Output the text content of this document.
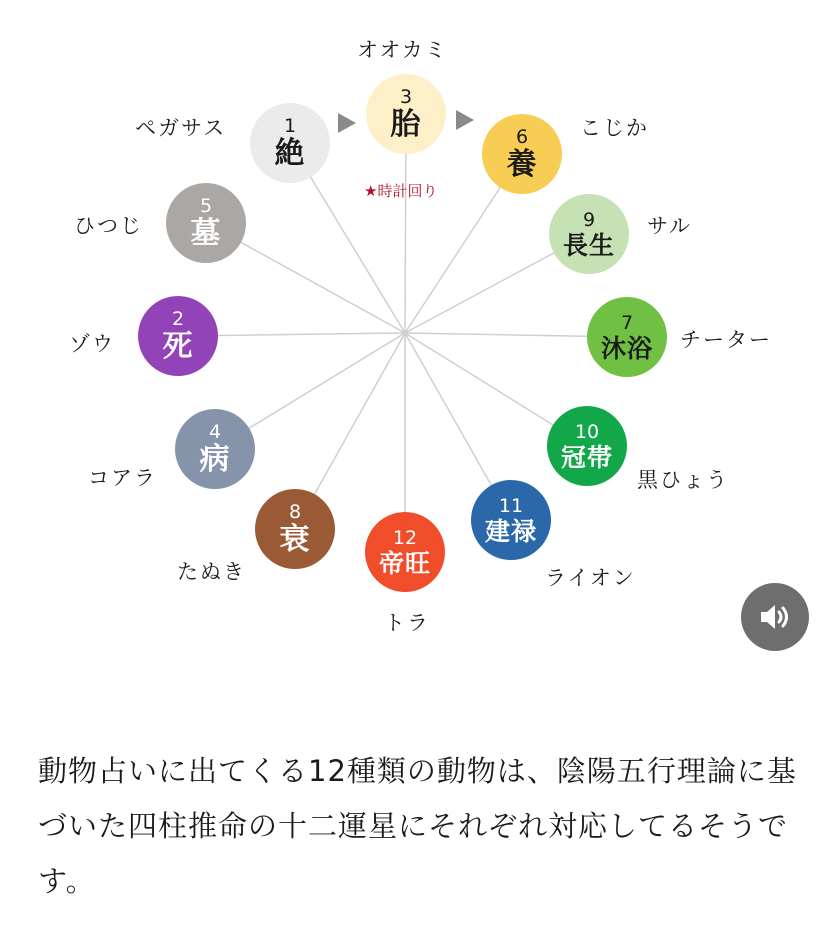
★時計回り
3
胎
オオカミ
6
養
こじか
9
長生
サル
7
沐浴 チーター
10
冠帯
黒ひょう
11
建禄
ライオン
12
帝旺
トラ
8
衰
たぬき
4
病
コアラ
2
死
ゾウ
5
墓
ひつじ
1
絶
ペガサス
動物占いに出てくる12種類の動物は、陰陽五行理論に基づいた四柱推命の十二運星にそれぞれ対応してるそうです。
